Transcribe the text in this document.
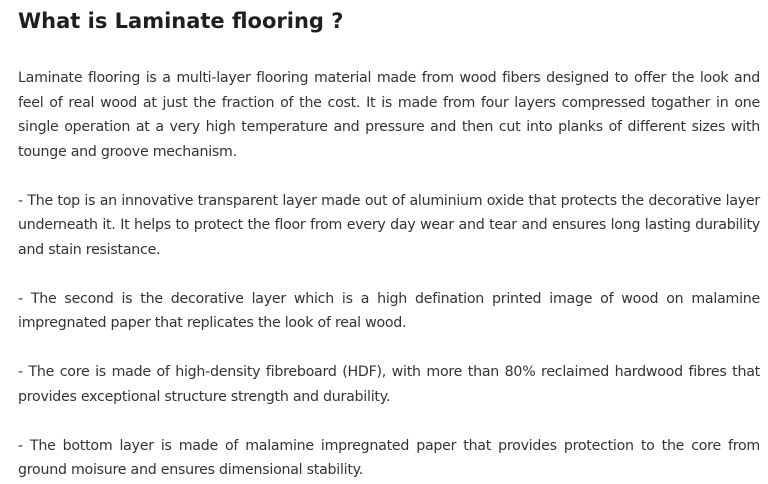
What is Laminate flooring ?

Laminate flooring is a multi-layer flooring material made from wood fibers designed to offer the look and feel of real wood at just the fraction of the cost. It is made from four layers compressed togather in one single operation at a very high temperature and pressure and then cut into planks of different sizes with tounge and groove mechanism.

- The top is an innovative transparent layer made out of aluminium oxide that protects the decorative layer underneath it. It helps to protect the floor from every day wear and tear and ensures long lasting durability and stain resistance.

- The second is the decorative layer which is a high defination printed image of wood on malamine impregnated paper that replicates the look of real wood.

- The core is made of high-density fibreboard (HDF), with more than 80% reclaimed hardwood fibres that provides exceptional structure strength and durability.

- The bottom layer is made of malamine impregnated paper that provides protection to the core from ground moisure and ensures dimensional stability.
